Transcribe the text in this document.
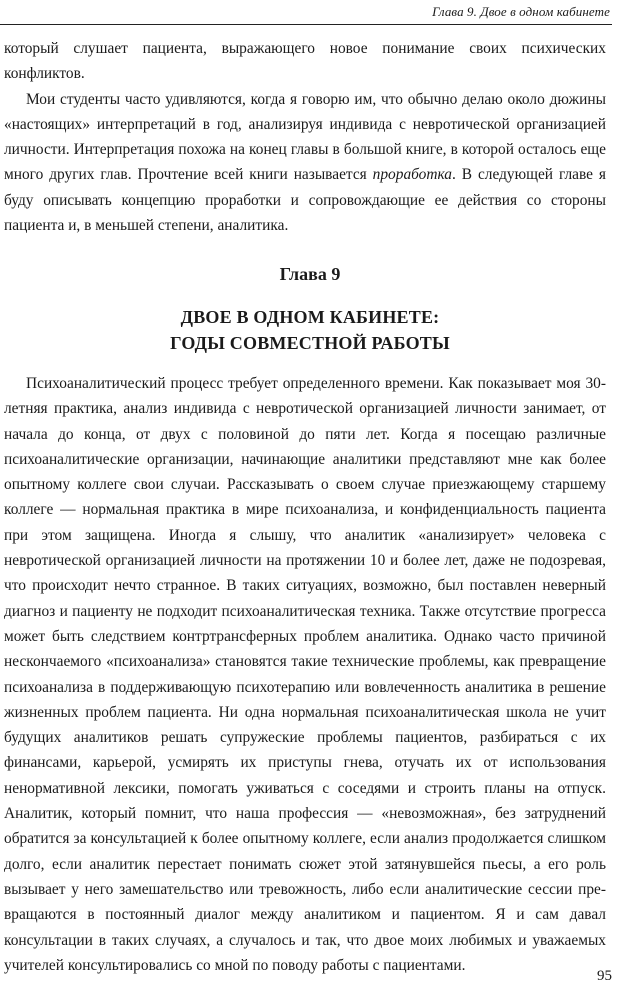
Глава 9. Двое в одном кабинете

который слушает пациента, выражающего новое понимание своих психических конфликтов.

Мои студенты часто удивляются, когда я говорю им, что обычно делаю около дюжины «настоящих» интерпретаций в год, анализируя индивида с невротической организацией личности. Интерпретация похожа на конец главы в большой книге, в которой осталось еще много других глав. Прочтение всей книги называется проработка. В следующей главе я буду описывать концепцию проработки и сопровождающие ее действия со стороны пациента и, в меньшей степени, аналитика.

Глава 9
ДВОЕ В ОДНОМ КАБИНЕТЕ:
ГОДЫ СОВМЕСТНОЙ РАБОТЫ

Психоаналитический процесс требует определенного времени. Как показывает моя 30-летняя практика, анализ индивида с невротической организацией личности занимает, от начала до конца, от двух с половиной до пяти лет. Когда я посещаю различные психоаналитические организации, начинающие аналитики представляют мне как более опытному коллеге свои случаи. Рассказывать о своем случае приезжающему старшему коллеге — нормальная практика в мире психоанализа, и конфиденциальность пациента при этом защищена. Иногда я слышу, что аналитик «анализирует» человека с невротической организацией личности на протяжении 10 и более лет, даже не подозревая, что происходит нечто странное. В таких ситуациях, возможно, был поставлен неверный диагноз и пациенту не подходит психоаналитическая техника. Также отсутствие прогресса может быть следствием контртрансферных проблем аналитика. Однако часто причиной нескончаемого «психоанализа» становятся такие технические проблемы, как превращение психоанализа в поддерживающую психотерапию или вовлеченность аналитика в решение жизненных проблем пациента. Ни одна нормальная психоаналитическая школа не учит будущих аналитиков решать супружеские проблемы пациентов, разбираться с их финансами, карьерой, усмирять их приступы гнева, отучать их от использования ненормативной лексики, помогать уживаться с соседями и строить планы на отпуск. Аналитик, который помнит, что наша профессия — «невозможная», без затруднений обратится за консультацией к более опытному коллеге, если анализ продолжается слишком долго, если аналитик перестает понимать сюжет этой затянувшейся пьесы, а его роль вызывает у него замешательство или тревожность, либо если аналитические сессии превращаются в постоянный диалог между аналитиком и пациентом. Я и сам давал консультации в таких случаях, а случалось и так, что двое моих любимых и уважаемых учителей консультировались со мной по поводу работы с пациентами.

95
